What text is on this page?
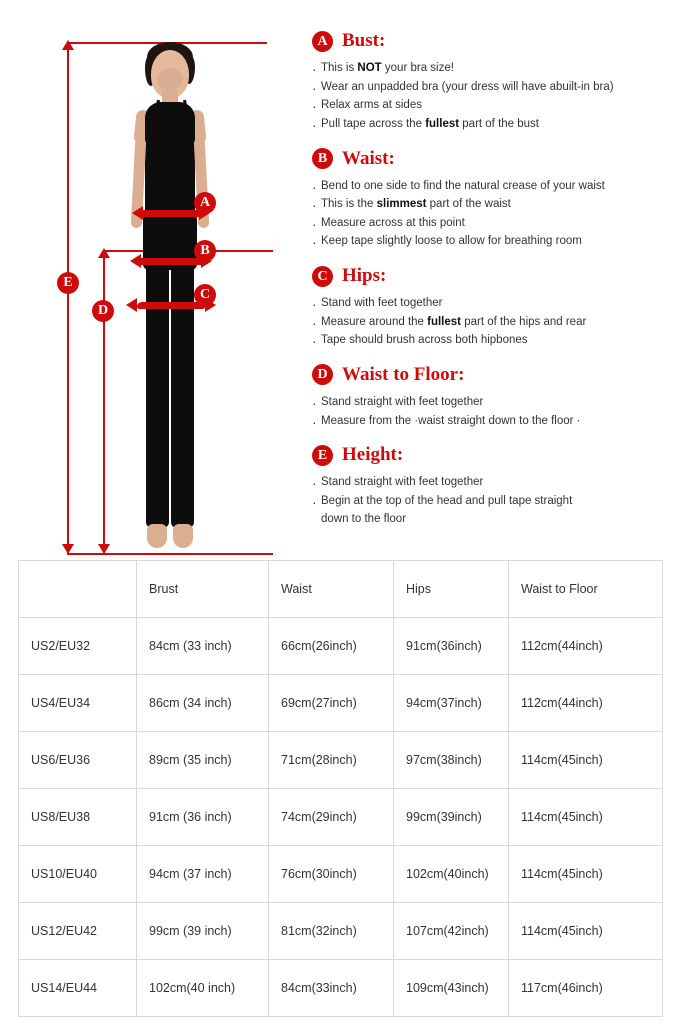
E
D
A
B
C
A Bust:
· This is NOT your bra size!
· Wear an unpadded bra (your dress will have abuilt-in bra)
· Relax arms at sides
· Pull tape across the fullest part of the bust
B Waist:
· Bend to one side to find the natural crease of your waist
· This is the slimmest part of the waist
· Measure across at this point
· Keep tape slightly loose to allow for breathing room
C Hips:
· Stand with feet together
· Measure around the fullest part of the hips and rear
· Tape should brush across both hipbones
D Waist to Floor:
· Stand straight with feet together
· Measure from the ·waist straight down to the floor ·
E Height:
· Stand straight with feet together
· Begin at the top of the head and pull tape straight down to the floor
	Brust	Waist	Hips	Waist to Floor
US2/EU32	84cm (33 inch)	66cm(26inch)	91cm(36inch)	112cm(44inch)
US4/EU34	86cm (34 inch)	69cm(27inch)	94cm(37inch)	112cm(44inch)
US6/EU36	89cm (35 inch)	71cm(28inch)	97cm(38inch)	114cm(45inch)
US8/EU38	91cm (36 inch)	74cm(29inch)	99cm(39inch)	114cm(45inch)
US10/EU40	94cm (37 inch)	76cm(30inch)	102cm(40inch)	114cm(45inch)
US12/EU42	99cm (39 inch)	81cm(32inch)	107cm(42inch)	114cm(45inch)
US14/EU44	102cm(40 inch)	84cm(33inch)	109cm(43inch)	117cm(46inch)
